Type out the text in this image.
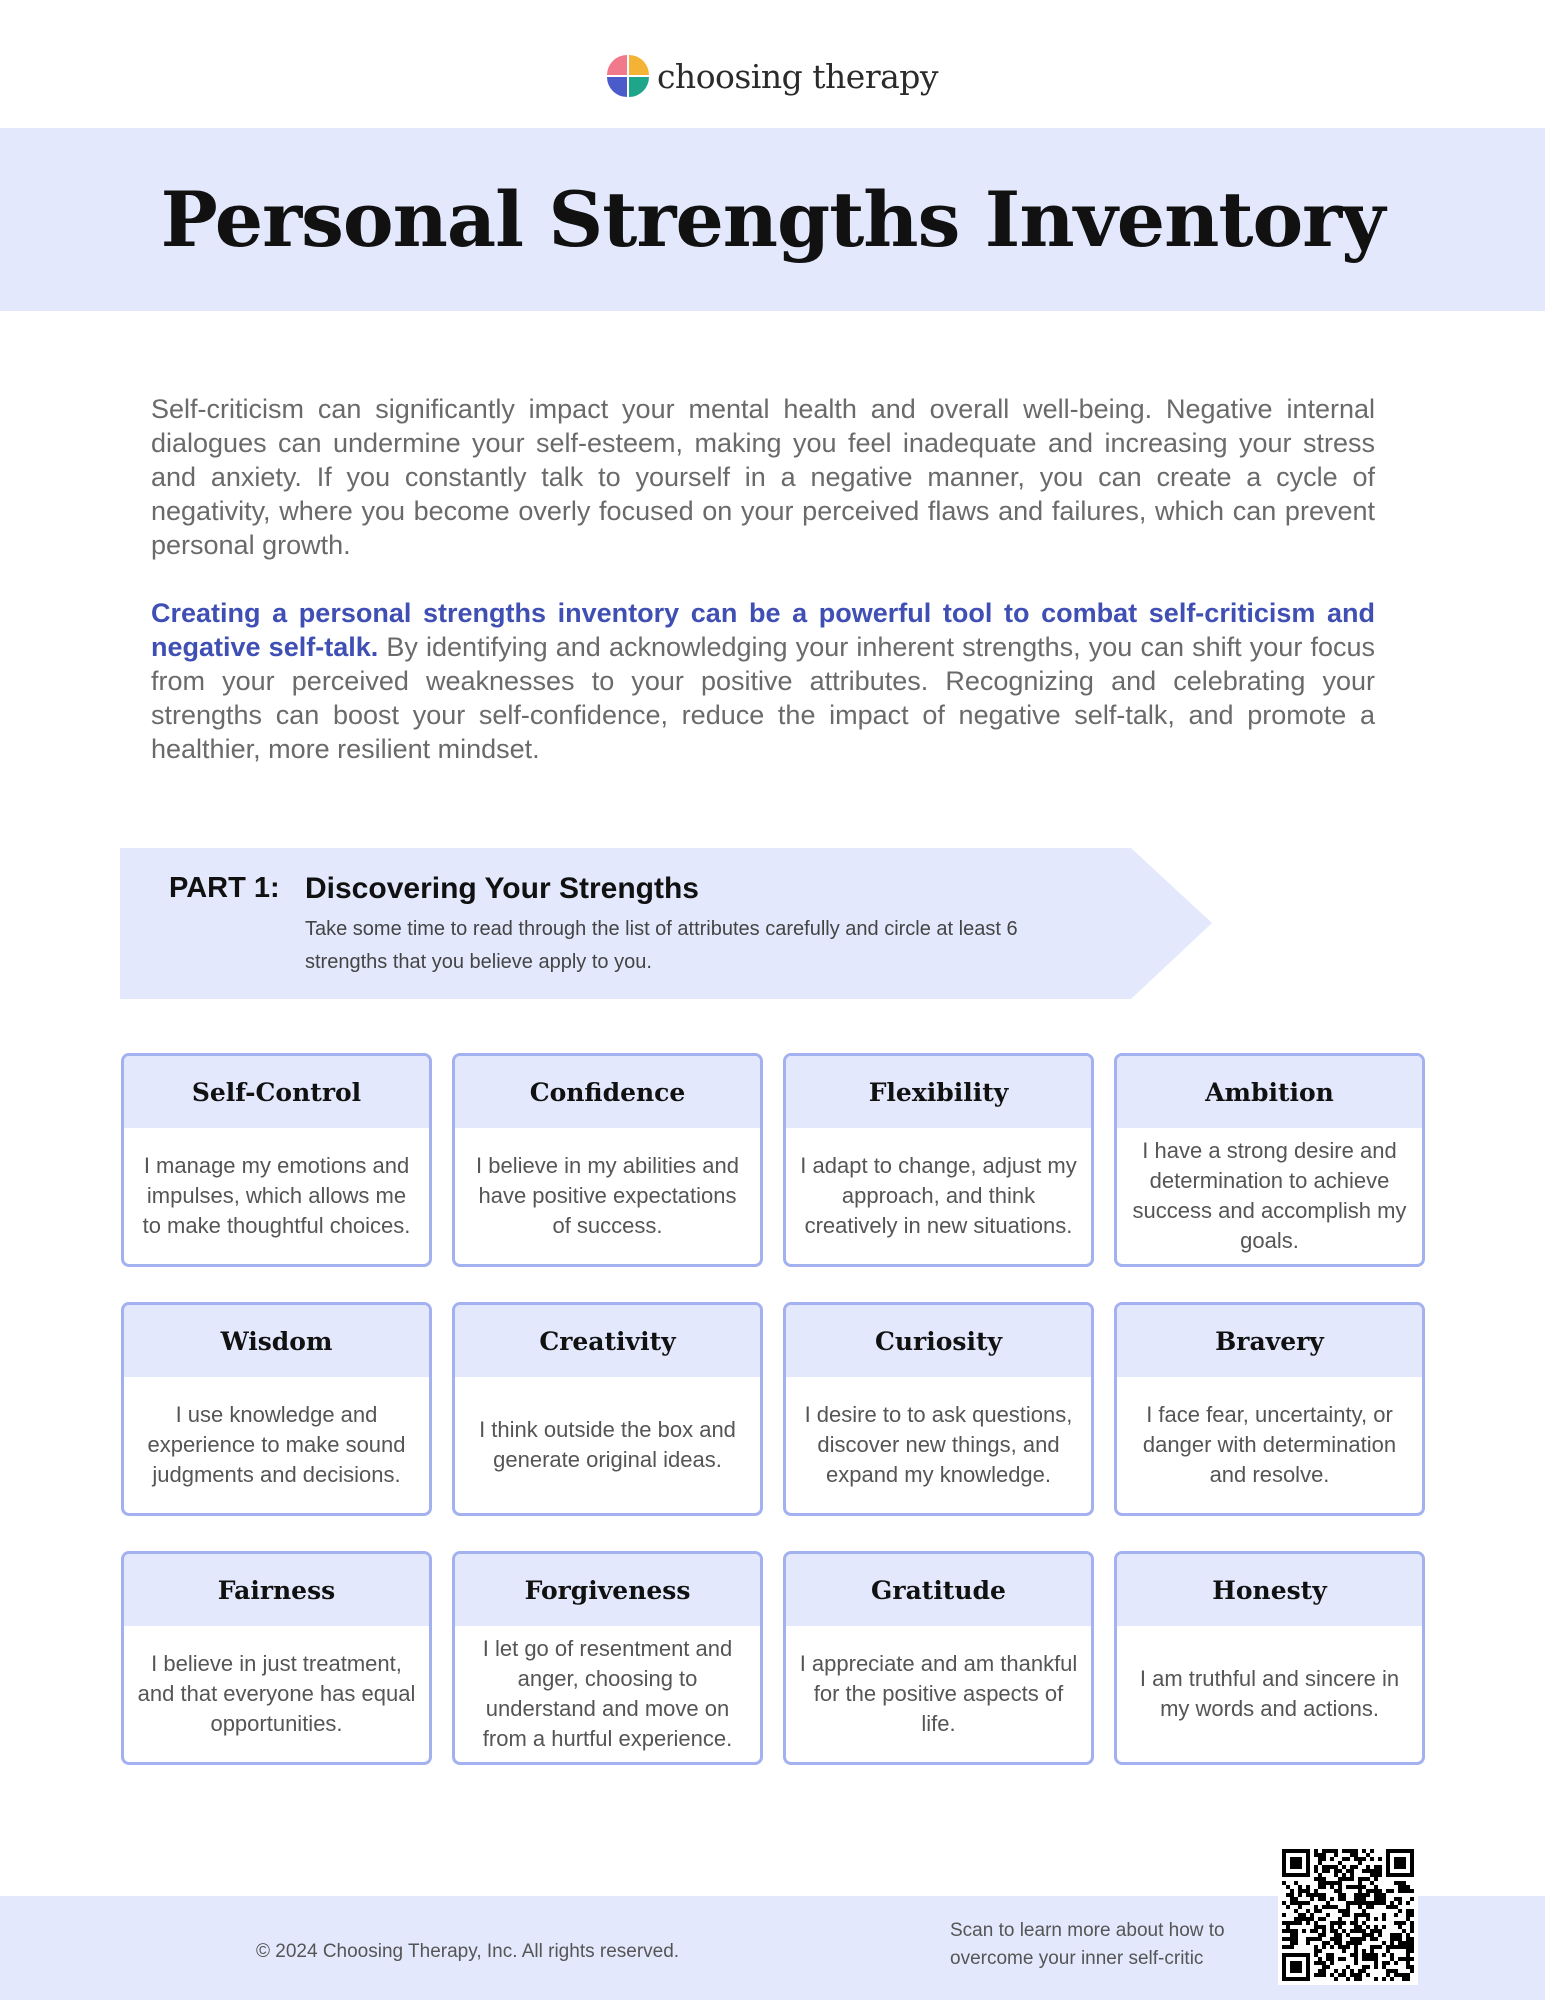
choosing therapy
Personal Strengths Inventory

Self-criticism can significantly impact your mental health and overall well-being. Negative internal dialogues can undermine your self-esteem, making you feel inadequate and increasing your stress and anxiety. If you constantly talk to yourself in a negative manner, you can create a cycle of negativity, where you become overly focused on your perceived flaws and failures, which can prevent personal growth.

Creating a personal strengths inventory can be a powerful tool to combat self-criticism and negative self-talk. By identifying and acknowledging your inherent strengths, you can shift your focus from your perceived weaknesses to your positive attributes. Recognizing and celebrating your strengths can boost your self-confidence, reduce the impact of negative self-talk, and promote a healthier, more resilient mindset.

PART 1: Discovering Your Strengths
Take some time to read through the list of attributes carefully and circle at least 6 strengths that you believe apply to you.
Self-Control
I manage my emotions and impulses, which allows me to make thoughtful choices.
Confidence
I believe in my abilities and have positive expectations of success.
Flexibility
I adapt to change, adjust my approach, and think creatively in new situations.
Ambition
I have a strong desire and determination to achieve success and accomplish my goals.
Wisdom
I use knowledge and experience to make sound judgments and decisions.
Creativity
I think outside the box and generate original ideas.
Curiosity
I desire to to ask questions, discover new things, and expand my knowledge.
Bravery
I face fear, uncertainty, or danger with determination and resolve.
Fairness
I believe in just treatment, and that everyone has equal opportunities.
Forgiveness
I let go of resentment and anger, choosing to understand and move on from a hurtful experience.
Gratitude
I appreciate and am thankful for the positive aspects of life.
Honesty
I am truthful and sincere in my words and actions.
© 2024 Choosing Therapy, Inc. All rights reserved.
Scan to learn more about how to overcome your inner self-critic
